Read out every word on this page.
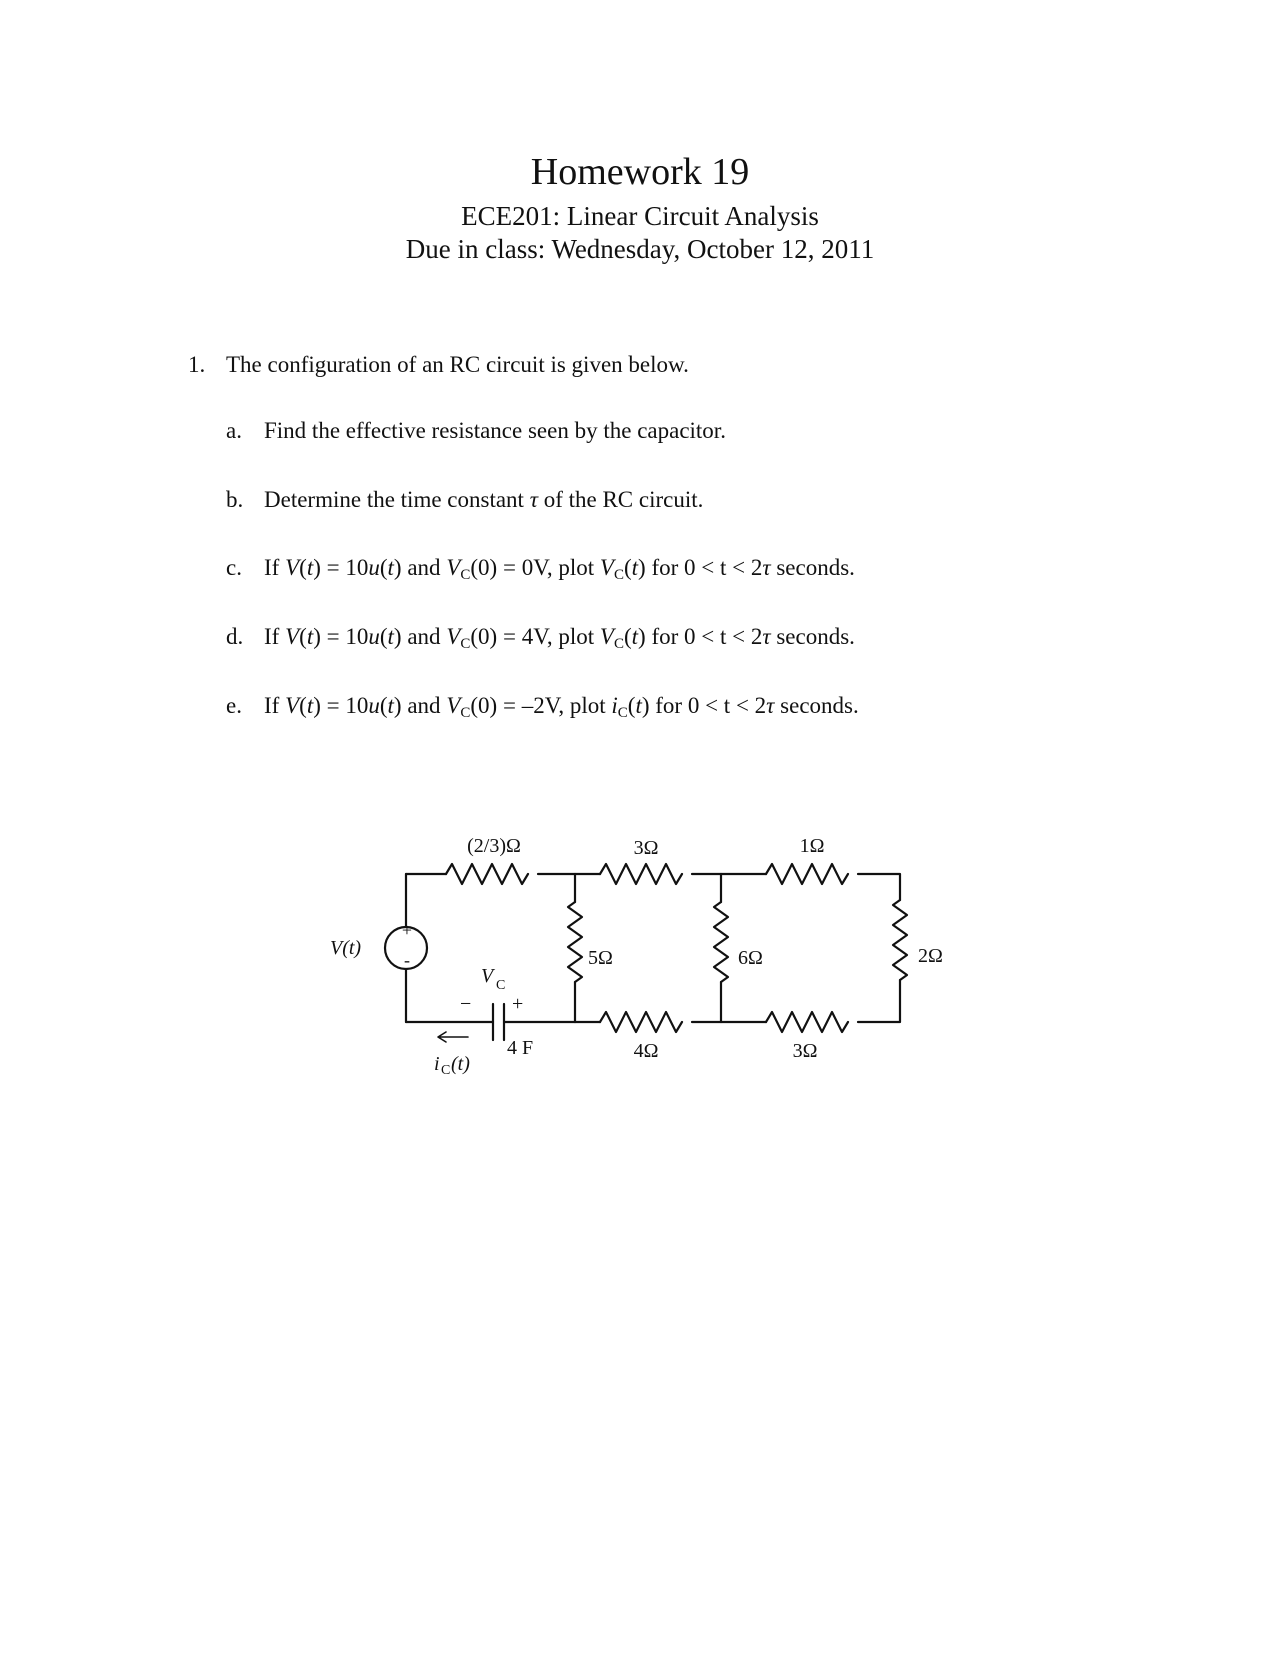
Homework 19
ECE201: Linear Circuit Analysis
Due in class: Wednesday, October 12, 2011
1. The configuration of an RC circuit is given below.
a. Find the effective resistance seen by the capacitor.
b. Determine the time constant τ of the RC circuit.
c. If V(t) = 10u(t) and $V_C(0) = 0V$, plot $V_C(t)$ for 0 < t < 2τ seconds.
d. If V(t) = 10u(t) and $V_C(0) = 4V$, plot $V_C(t)$ for 0 < t < 2τ seconds.
e. If V(t) = 10u(t) and $V_C(0) = -2V$, plot $i_C(t)$ for 0 < t < 2τ seconds.
+
-
V(t)
(2/3)Ω	3Ω	1Ω
5Ω	6Ω	2Ω
4Ω	3Ω
4 F
V C
− +
i C (t)
